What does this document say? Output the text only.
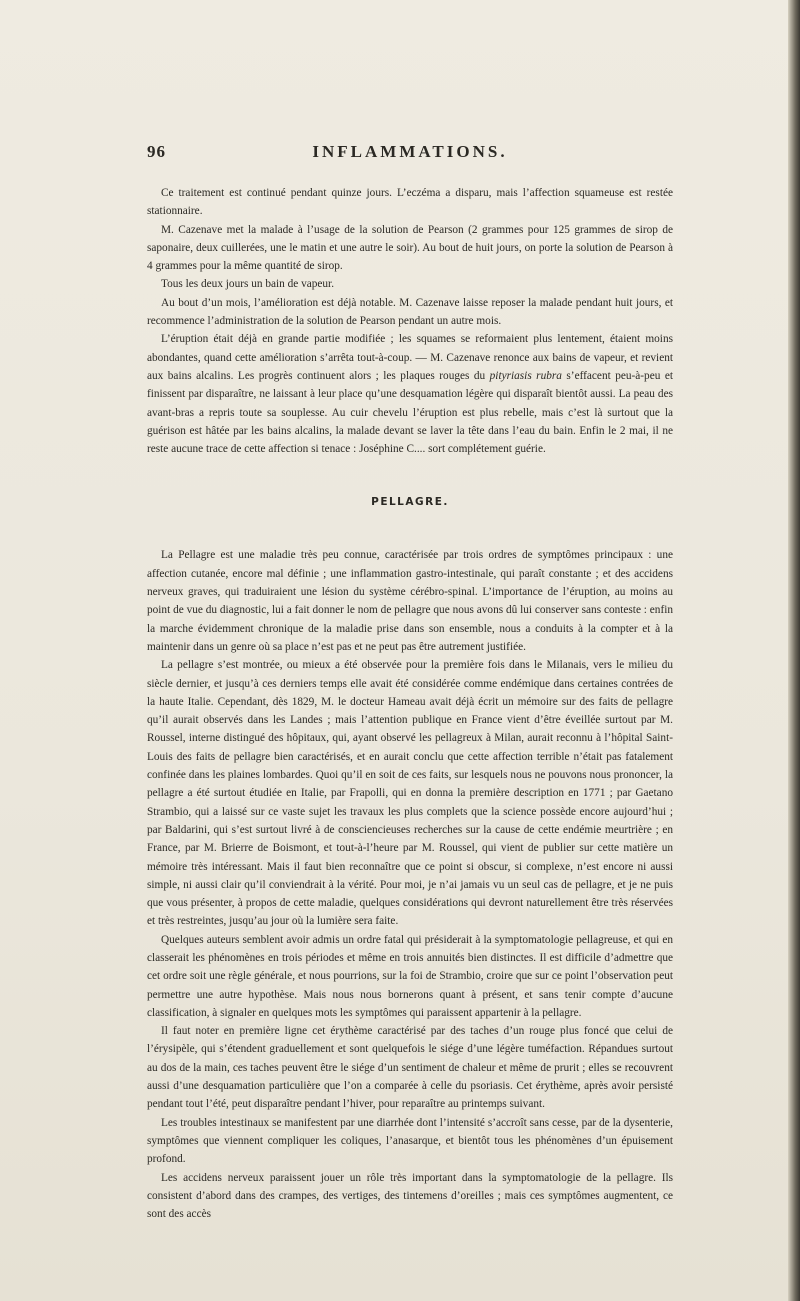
96	INFLAMMATIONS.

Ce traitement est continué pendant quinze jours. L’eczéma a disparu, mais l’affection squameuse est restée stationnaire.

M. Cazenave met la malade à l’usage de la solution de Pearson (2 grammes pour 125 grammes de sirop de saponaire, deux cuillerées, une le matin et une autre le soir). Au bout de huit jours, on porte la solution de Pearson à 4 grammes pour la même quantité de sirop.

Tous les deux jours un bain de vapeur.

Au bout d’un mois, l’amélioration est déjà notable. M. Cazenave laisse reposer la malade pendant huit jours, et recommence l’administration de la solution de Pearson pendant un autre mois.

L’éruption était déjà en grande partie modifiée ; les squames se reformaient plus lentement, étaient moins abondantes, quand cette amélioration s’arrêta tout-à-coup. — M. Cazenave renonce aux bains de vapeur, et revient aux bains alcalins. Les progrès continuent alors ; les plaques rouges du pityriasis rubra s’effacent peu-à-peu et finissent par disparaître, ne laissant à leur place qu’une desquamation légère qui disparaît bientôt aussi. La peau des avant-bras a repris toute sa souplesse. Au cuir chevelu l’éruption est plus rebelle, mais c’est là surtout que la guérison est hâtée par les bains alcalins, la malade devant se laver la tête dans l’eau du bain. Enfin le 2 mai, il ne reste aucune trace de cette affection si tenace : Joséphine C.... sort complétement guérie.

PELLAGRE.

La Pellagre est une maladie très peu connue, caractérisée par trois ordres de symptômes principaux : une affection cutanée, encore mal définie ; une inflammation gastro-intestinale, qui paraît constante ; et des accidens nerveux graves, qui traduiraient une lésion du système cérébro-spinal. L’importance de l’éruption, au moins au point de vue du diagnostic, lui a fait donner le nom de pellagre que nous avons dû lui conserver sans conteste : enfin la marche évidemment chronique de la maladie prise dans son ensemble, nous a conduits à la compter et à la maintenir dans un genre où sa place n’est pas et ne peut pas être autrement justifiée.

La pellagre s’est montrée, ou mieux a été observée pour la première fois dans le Milanais, vers le milieu du siècle dernier, et jusqu’à ces derniers temps elle avait été considérée comme endémique dans certaines contrées de la haute Italie. Cependant, dès 1829, M. le docteur Hameau avait déjà écrit un mémoire sur des faits de pellagre qu’il aurait observés dans les Landes ; mais l’attention publique en France vient d’être éveillée surtout par M. Roussel, interne distingué des hôpitaux, qui, ayant observé les pellagreux à Milan, aurait reconnu à l’hôpital Saint-Louis des faits de pellagre bien caractérisés, et en aurait conclu que cette affection terrible n’était pas fatalement confinée dans les plaines lombardes. Quoi qu’il en soit de ces faits, sur lesquels nous ne pouvons nous prononcer, la pellagre a été surtout étudiée en Italie, par Frapolli, qui en donna la première description en 1771 ; par Gaetano Strambio, qui a laissé sur ce vaste sujet les travaux les plus complets que la science possède encore aujourd’hui ; par Baldarini, qui s’est surtout livré à de consciencieuses recherches sur la cause de cette endémie meurtrière ; en France, par M. Brierre de Boismont, et tout-à-l’heure par M. Roussel, qui vient de publier sur cette matière un mémoire très intéressant. Mais il faut bien reconnaître que ce point si obscur, si complexe, n’est encore ni aussi simple, ni aussi clair qu’il conviendrait à la vérité. Pour moi, je n’ai jamais vu un seul cas de pellagre, et je ne puis que vous présenter, à propos de cette maladie, quelques considérations qui devront naturellement être très réservées et très restreintes, jusqu’au jour où la lumière sera faite.

Quelques auteurs semblent avoir admis un ordre fatal qui présiderait à la symptomatologie pellagreuse, et qui en classerait les phénomènes en trois périodes et même en trois annuités bien distinctes. Il est difficile d’admettre que cet ordre soit une règle générale, et nous pourrions, sur la foi de Strambio, croire que sur ce point l’observation peut permettre une autre hypothèse. Mais nous nous bornerons quant à présent, et sans tenir compte d’aucune classification, à signaler en quelques mots les symptômes qui paraissent appartenir à la pellagre.

Il faut noter en première ligne cet érythème caractérisé par des taches d’un rouge plus foncé que celui de l’érysipèle, qui s’étendent graduellement et sont quelquefois le siége d’une légère tuméfaction. Répandues surtout au dos de la main, ces taches peuvent être le siége d’un sentiment de chaleur et même de prurit ; elles se recouvrent aussi d’une desquamation particulière que l’on a comparée à celle du psoriasis. Cet érythème, après avoir persisté pendant tout l’été, peut disparaître pendant l’hiver, pour reparaître au printemps suivant.

Les troubles intestinaux se manifestent par une diarrhée dont l’intensité s’accroît sans cesse, par de la dysenterie, symptômes que viennent compliquer les coliques, l’anasarque, et bientôt tous les phénomènes d’un épuisement profond.

Les accidens nerveux paraissent jouer un rôle très important dans la symptomatologie de la pellagre. Ils consistent d’abord dans des crampes, des vertiges, des tintemens d’oreilles ; mais ces symptômes augmentent, ce sont des accès
